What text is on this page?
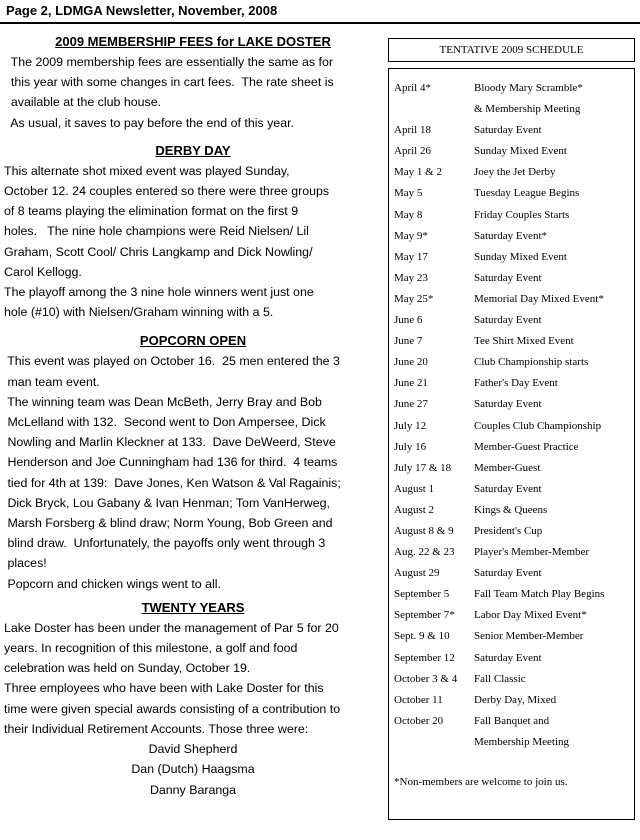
Page 2, LDMGA Newsletter, November, 2008
2009 MEMBERSHIP FEES for LAKE DOSTER
The 2009 membership fees are essentially the same as for
this year with some changes in cart fees.  The rate sheet is
available at the club house.
As usual, it saves to pay before the end of this year.
DERBY DAY
This alternate shot mixed event was played Sunday,
October 12. 24 couples entered so there were three groups
of 8 teams playing the elimination format on the first 9
holes.   The nine hole champions were Reid Nielsen/ Lil
Graham, Scott Cool/ Chris Langkamp and Dick Nowling/
Carol Kellogg.
The playoff among the 3 nine hole winners went just one
hole (#10) with Nielsen/Graham winning with a 5.
POPCORN OPEN
This event was played on October 16.  25 men entered the 3
man team event.
The winning team was Dean McBeth, Jerry Bray and Bob
McLelland with 132.  Second went to Don Ampersee, Dick
Nowling and Marlin Kleckner at 133.  Dave DeWeerd, Steve
Henderson and Joe Cunningham had 136 for third.  4 teams
tied for 4th at 139:  Dave Jones, Ken Watson & Val Ragainis;
Dick Bryck, Lou Gabany & Ivan Henman; Tom VanHerweg,
Marsh Forsberg & blind draw; Norm Young, Bob Green and
blind draw.  Unfortunately, the payoffs only went through 3
places!
Popcorn and chicken wings went to all.
TWENTY YEARS
Lake Doster has been under the management of Par 5 for 20
years. In recognition of this milestone, a golf and food
celebration was held on Sunday, October 19.
Three employees who have been with Lake Doster for this
time were given special awards consisting of a contribution to
their Individual Retirement Accounts. Those three were:
David Shepherd
Dan (Dutch) Haagsma
Danny Baranga
TENTATIVE 2009 SCHEDULE
April 4*	Bloody Mary Scramble*
& Membership Meeting
April 18	Saturday Event
April 26	Sunday Mixed Event
May 1 & 2	Joey the Jet Derby
May 5	Tuesday League Begins
May 8	Friday Couples Starts
May 9*	Saturday Event*
May 17	Sunday Mixed Event
May 23	Saturday Event
May 25*	Memorial Day Mixed Event*
June 6	Saturday Event
June 7	Tee Shirt Mixed Event
June 20	Club Championship starts
June 21	Father's Day Event
June 27	Saturday Event
July 12	Couples Club Championship
July 16	Member-Guest Practice
July 17 & 18	Member-Guest
August 1	Saturday Event
August 2	Kings & Queens
August 8 & 9	President's Cup
Aug. 22 & 23	Player's Member-Member
August 29	Saturday Event
September 5	Fall Team Match Play Begins
September 7*	Labor Day Mixed Event*
Sept. 9 & 10	Senior Member-Member
September 12	Saturday Event
October 3 & 4	Fall Classic
October 11	Derby Day, Mixed
October 20	Fall Banquet and
Membership Meeting
*Non-members are welcome to join us.
